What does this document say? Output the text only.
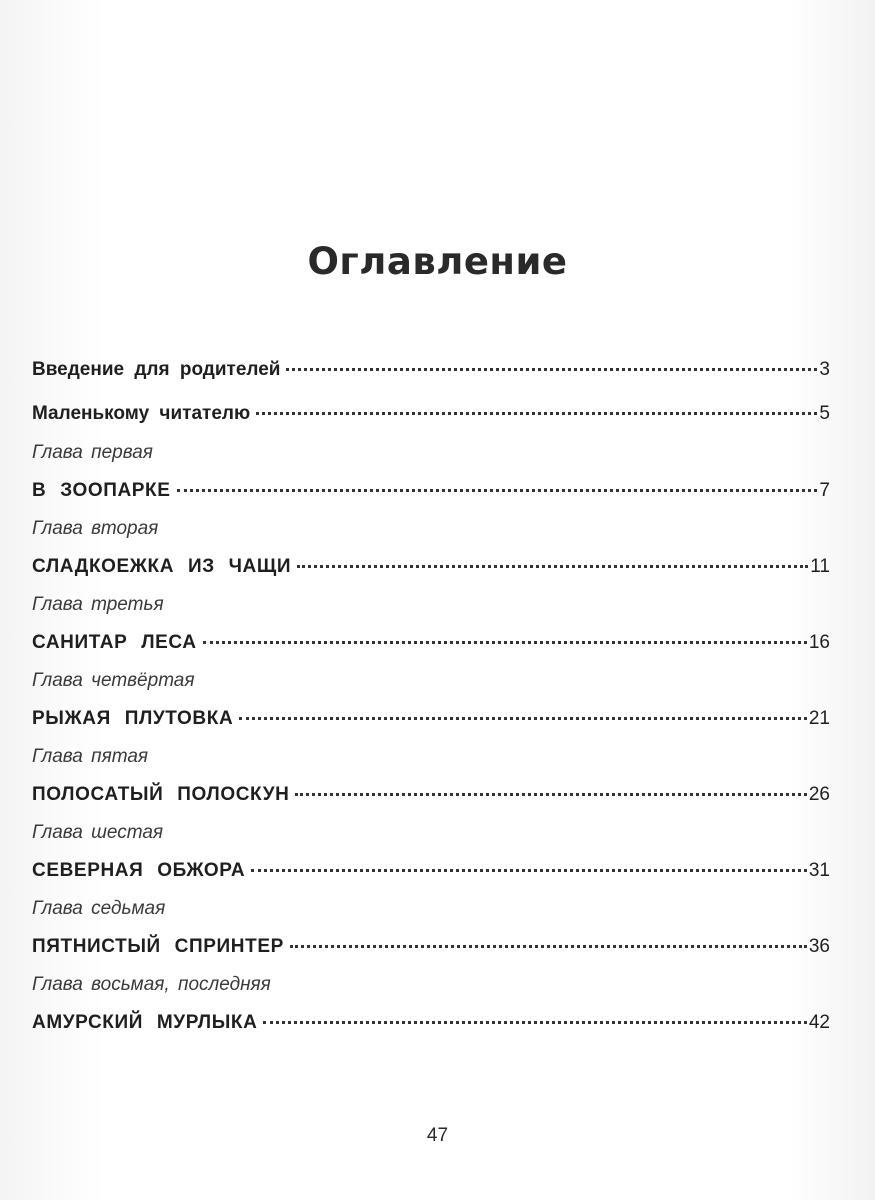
Оглавление
Введение для родителей	3
Маленькому читателю	5
Глава первая
В ЗООПАРКЕ	7
Глава вторая
СЛАДКОЕЖКА ИЗ ЧАЩИ	11
Глава третья
САНИТАР ЛЕСА	16
Глава четвёртая
РЫЖАЯ ПЛУТОВКА	21
Глава пятая
ПОЛОСАТЫЙ ПОЛОСКУН	26
Глава шестая
СЕВЕРНАЯ ОБЖОРА	31
Глава седьмая
ПЯТНИСТЫЙ СПРИНТЕР	36
Глава восьмая, последняя
АМУРСКИЙ МУРЛЫКА	42
47
